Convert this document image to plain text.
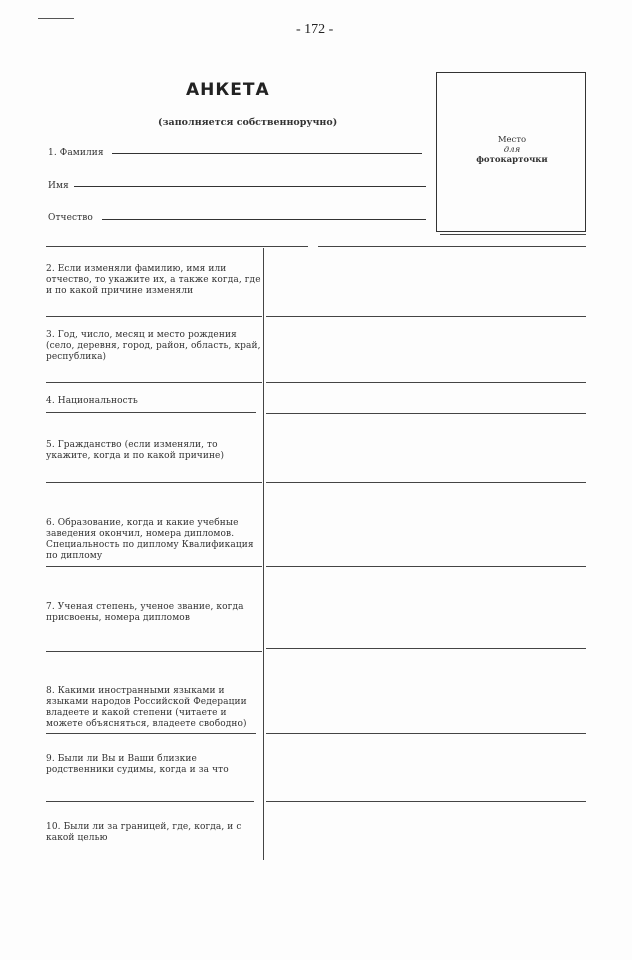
- 172 -
АНКЕТА
(заполняется собственноручно)
Место
для
фотокарточки
1. Фамилия
Имя
Отчество
2. Если изменяли фамилию, имя или отчество, то укажите их, а также когда, где и по какой причине изменяли
3. Год, число, месяц и место рождения (село, деревня, город, район, область, край, республика)
4. Национальность
5. Гражданство (если изменяли, то укажите, когда и по какой причине)
6. Образование, когда и какие учебные заведения окончил, номера дипломов. Специальность по диплому Квалификация по диплому
7. Ученая степень, ученое звание, когда присвоены, номера дипломов
8. Какими иностранными языками и языками народов Российской Федерации владеете и какой степени (читаете и можете объясняться, владеете свободно)
9. Были ли Вы и Ваши близкие родственники судимы, когда и за что
10. Были ли за границей, где, когда, и с какой целью
